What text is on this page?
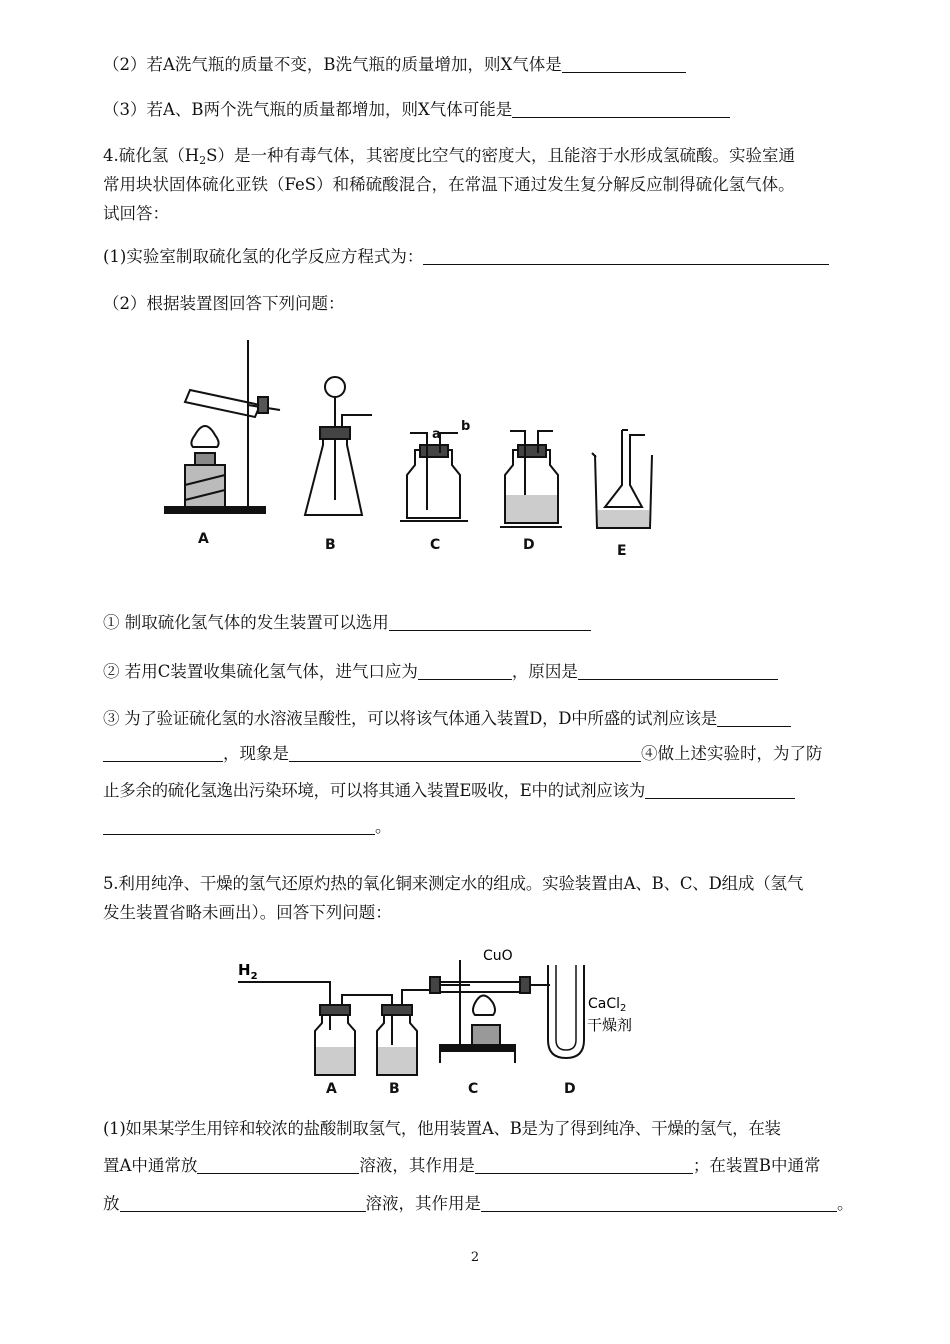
（2）若A洗气瓶的质量不变，B洗气瓶的质量增加，则X气体是
（3）若A、B两个洗气瓶的质量都增加，则X气体可能是
4.硫化氢$(H_2S)$是一种有毒气体，其密度比空气的密度大，且能溶于水形成氢硫酸。实验室通
常用块状固体硫化亚铁（FeS）和稀硫酸混合，在常温下通过发生复分解反应制得硫化氢气体。
试回答：
(1)实验室制取硫化氢的化学反应方程式为：
（2）根据装置图回答下列问题：
a
b
A	B	C	D	E
① 制取硫化氢气体的发生装置可以选用
② 若用C装置收集硫化氢气体，进气口应为	，原因是
③ 为了验证硫化氢的水溶液呈酸性，可以将该气体通入装置D，D中所盛的试剂应该是
，现象是	④做上述实验时，为了防
止多余的硫化氢逸出污染环境，可以将其通入装置E吸收，E中的试剂应该为
。
5.利用纯净、干燥的氢气还原灼热的氧化铜来测定水的组成。实验装置由A、B、C、D组成（氢气
发生装置省略未画出）。回答下列问题：
$H_2$
CuO
CaCl$_2$
干燥剂
A	B	C	D
(1)如果某学生用锌和较浓的盐酸制取氢气，他用装置A、B是为了得到纯净、干燥的氢气，在装
置A中通常放	溶液，其作用是	；在装置B中通常
放	溶液，其作用是	。
2
